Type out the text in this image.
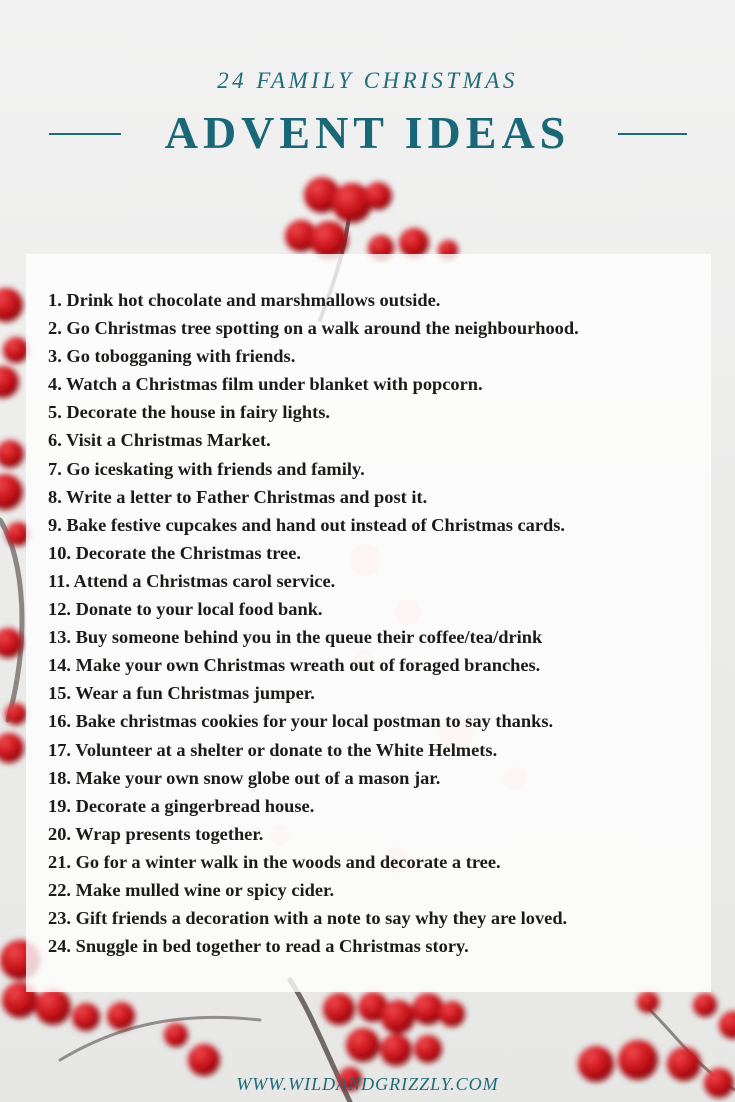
24 FAMILY CHRISTMAS
ADVENT IDEAS
1. Drink hot chocolate and marshmallows outside.
2. Go Christmas tree spotting on a walk around the neighbourhood.
3. Go tobogganing with friends.
4. Watch a Christmas film under blanket with popcorn.
5. Decorate the house in fairy lights.
6. Visit a Christmas Market.
7. Go iceskating with friends and family.
8. Write a letter to Father Christmas and post it.
9. Bake festive cupcakes and hand out instead of Christmas cards.
10. Decorate the Christmas tree.
11. Attend a Christmas carol service.
12. Donate to your local food bank.
13. Buy someone behind you in the queue their coffee/tea/drink
14. Make your own Christmas wreath out of foraged branches.
15. Wear a fun Christmas jumper.
16. Bake christmas cookies for your local postman to say thanks.
17. Volunteer at a shelter or donate to the White Helmets.
18. Make your own snow globe out of a mason jar.
19. Decorate a gingerbread house.
20. Wrap presents together.
21. Go for a winter walk in the woods and decorate a tree.
22. Make mulled wine or spicy cider.
23. Gift friends a decoration with a note to say why they are loved.
24. Snuggle in bed together to read a Christmas story.
WWW.WILDANDGRIZZLY.COM
